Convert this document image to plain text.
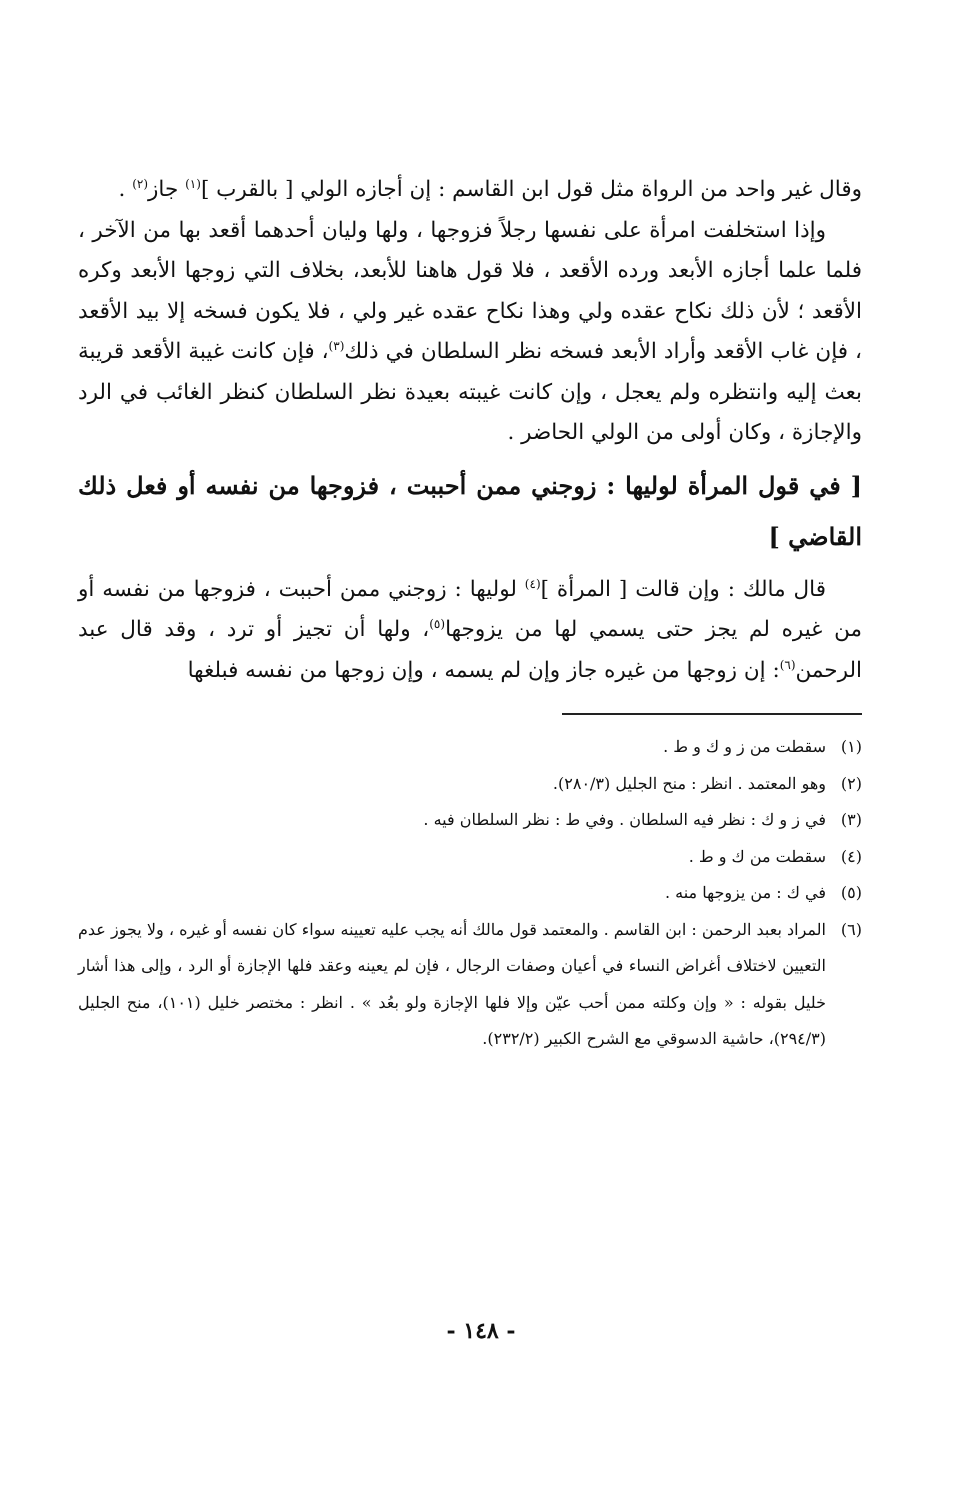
وقال غير واحد من الرواة مثل قول ابن القاسم : إن أجازه الولي [ بالقرب ]$^{(١)}$ جاز$^{(٢)}$ .

وإذا استخلفت امرأة على نفسها رجلاً فزوجها ، ولها وليان أحدهما أقعد بها من الآخر ، فلما علما أجازه الأبعد ورده الأقعد ، فلا قول هاهنا للأبعد، بخلاف التي زوجها الأبعد وكره الأقعد ؛ لأن ذلك نكاح عقده ولي وهذا نكاح عقده غير ولي ، فلا يكون فسخه إلا بيد الأقعد ، فإن غاب الأقعد وأراد الأبعد فسخه نظر السلطان في ذلك$^{(٣)}$، فإن كانت غيبة الأقعد قريبة بعث إليه وانتظره ولم يعجل ، وإن كانت غيبته بعيدة نظر السلطان كنظر الغائب في الرد والإجازة ، وكان أولى من الولي الحاضر .

[ في قول المرأة لوليها : زوجني ممن أحببت ، فزوجها من نفسه أو فعل ذلك القاضي ]

قال مالك : وإن قالت [ المرأة ]$^{(٤)}$ لوليها : زوجني ممن أحببت ، فزوجها من نفسه أو من غيره لم يجز حتى يسمي لها من يزوجها$^{(٥)}$، ولها أن تجيز أو ترد ، وقد قال عبد الرحمن$^{(٦)}$: إن زوجها من غيره جاز وإن لم يسمه ، وإن زوجها من نفسه فبلغها

(١)
سقطت من ز و ك و ط .
(٢)
وهو المعتمد . انظر : منح الجليل (٢٨٠/٣).
(٣)
في ز و ك : نظر فيه السلطان . وفي ط : نظر السلطان فيه .
(٤)
سقطت من ك و ط .
(٥)
في ك : من يزوجها منه .
(٦)
المراد بعبد الرحمن : ابن القاسم . والمعتمد قول مالك أنه يجب عليه تعيينه سواء كان نفسه أو غيره ، ولا يجوز عدم التعيين لاختلاف أغراض النساء في أعيان وصفات الرجال ، فإن لم يعينه وعقد فلها الإجازة أو الرد ، وإلى هذا أشار خليل بقوله : « وإن وكلته ممن أحب عيّن وإلا فلها الإجازة ولو بعُد » . انظر : مختصر خليل (١٠١)، منح الجليل (٢٩٤/٣)، حاشية الدسوقي مع الشرح الكبير (٢٣٢/٢).
- ١٤٨ -
